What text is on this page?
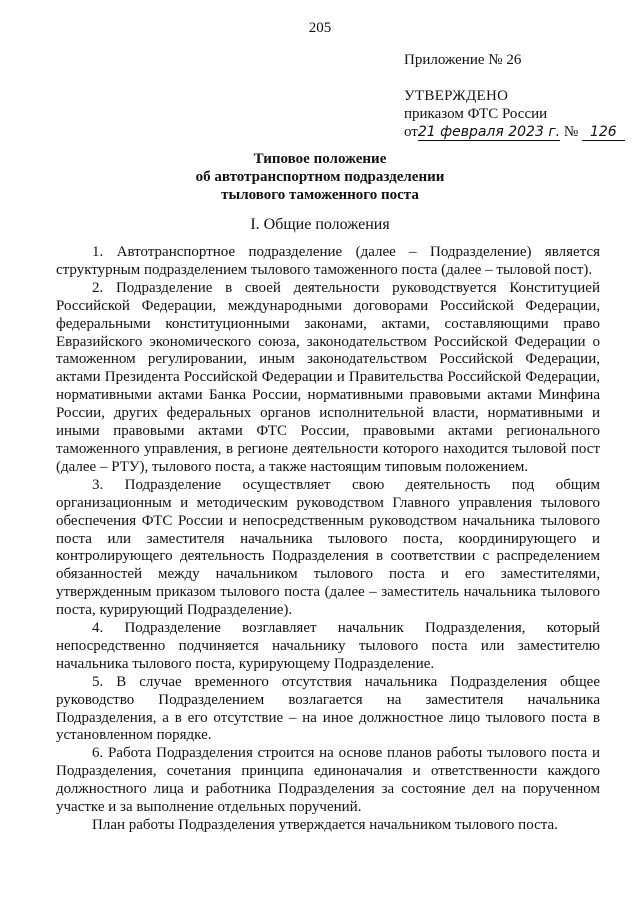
205
Приложение № 26
УТВЕРЖДЕНО
приказом ФТС России
от21 февраля 2023 г. № 126
Типовое положение
об автотранспортном подразделении
тылового таможенного поста
I. Общие положения

1. Автотранспортное подразделение (далее – Подразделение) является структурным подразделением тылового таможенного поста (далее – тыловой пост).

2. Подразделение в своей деятельности руководствуется Конституцией Российской Федерации, международными договорами Российской Федерации, федеральными конституционными законами, актами, составляющими право Евразийского экономического союза, законодательством Российской Федерации о таможенном регулировании, иным законодательством Российской Федерации, актами Президента Российской Федерации и Правительства Российской Федерации, нормативными актами Банка России, нормативными правовыми актами Минфина России, других федеральных органов исполнительной власти, нормативными и иными правовыми актами ФТС России, правовыми актами регионального таможенного управления, в регионе деятельности которого находится тыловой пост (далее – РТУ), тылового поста, а также настоящим типовым положением.

3. Подразделение осуществляет свою деятельность под общим организационным и методическим руководством Главного управления тылового обеспечения ФТС России и непосредственным руководством начальника тылового поста или заместителя начальника тылового поста, координирующего и контролирующего деятельность Подразделения в соответствии с распределением обязанностей между начальником тылового поста и его заместителями, утвержденным приказом тылового поста (далее – заместитель начальника тылового поста, курирующий Подразделение).

4. Подразделение возглавляет начальник Подразделения, который непосредственно подчиняется начальнику тылового поста или заместителю начальника тылового поста, курирующему Подразделение.

5. В случае временного отсутствия начальника Подразделения общее руководство Подразделением возлагается на заместителя начальника Подразделения, а в его отсутствие – на иное должностное лицо тылового поста в установленном порядке.

6. Работа Подразделения строится на основе планов работы тылового поста и Подразделения, сочетания принципа единоначалия и ответственности каждого должностного лица и работника Подразделения за состояние дел на порученном участке и за выполнение отдельных поручений.

План работы Подразделения утверждается начальником тылового поста.
